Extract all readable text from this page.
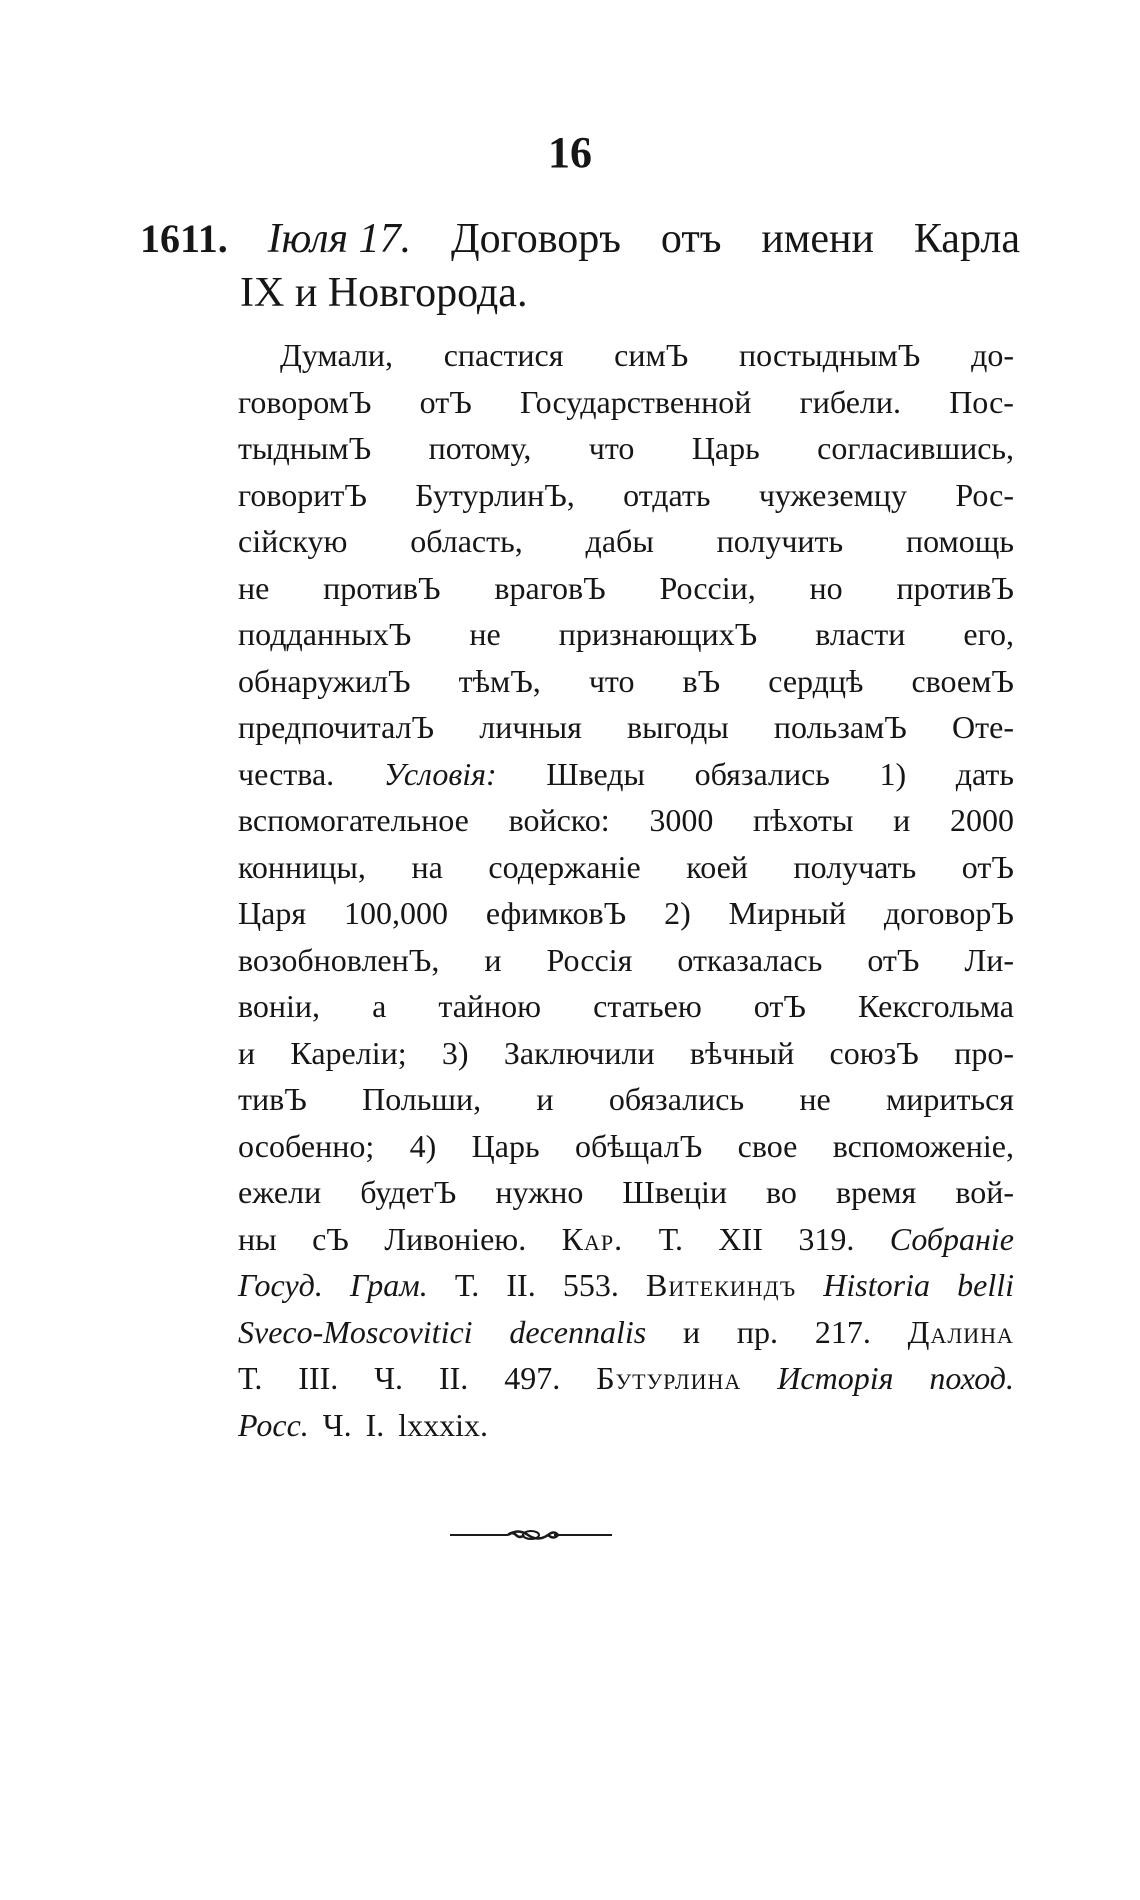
16
1611. Іюля 17. Договоръ отъ имени Карла
IX и Новгорода.
Думали, спастися симЪ постыднымЪ до-
говоромЪ отЪ Государственной гибели. Пос-
тыднымЪ потому, что Царь согласившись,
говоритЪ БутурлинЪ, отдать чужеземцу Рос-
сійскую область, дабы получить помощь
не противЪ враговЪ Россіи, но противЪ
подданныхЪ не признающихЪ власти его,
обнаружилЪ тѣмЪ, что вЪ сердцѣ своемЪ
предпочиталЪ личныя выгоды пользамЪ Оте-
чества. Условія: Шведы обязались 1) дать
вспомогательное войско: 3000 пѣхоты и 2000
конницы, на содержаніе коей получать отЪ
Царя 100,000 ефимковЪ 2) Мирный договорЪ
возобновленЪ, и Россія отказалась отЪ Ли-
воніи, а тайною статьею отЪ Кексгольма
и Кареліи; 3) Заключили вѣчный союзЪ про-
тивЪ Польши, и обязались не мириться
особенно; 4) Царь обѣщалЪ свое вспоможеніе,
ежели будетЪ нужно Швеціи во время вой-
ны сЪ Ливоніею. Кар. Т. XII 319. Собраніе
Госуд. Грам. Т. II. 553. Витекиндъ Historia belli
Sveco-Moscovitici decennalis и пр. 217. Далина
Т. III. Ч. II. 497. Бутурлина Исторія поход.
Росс. Ч. I. lxxxix.
